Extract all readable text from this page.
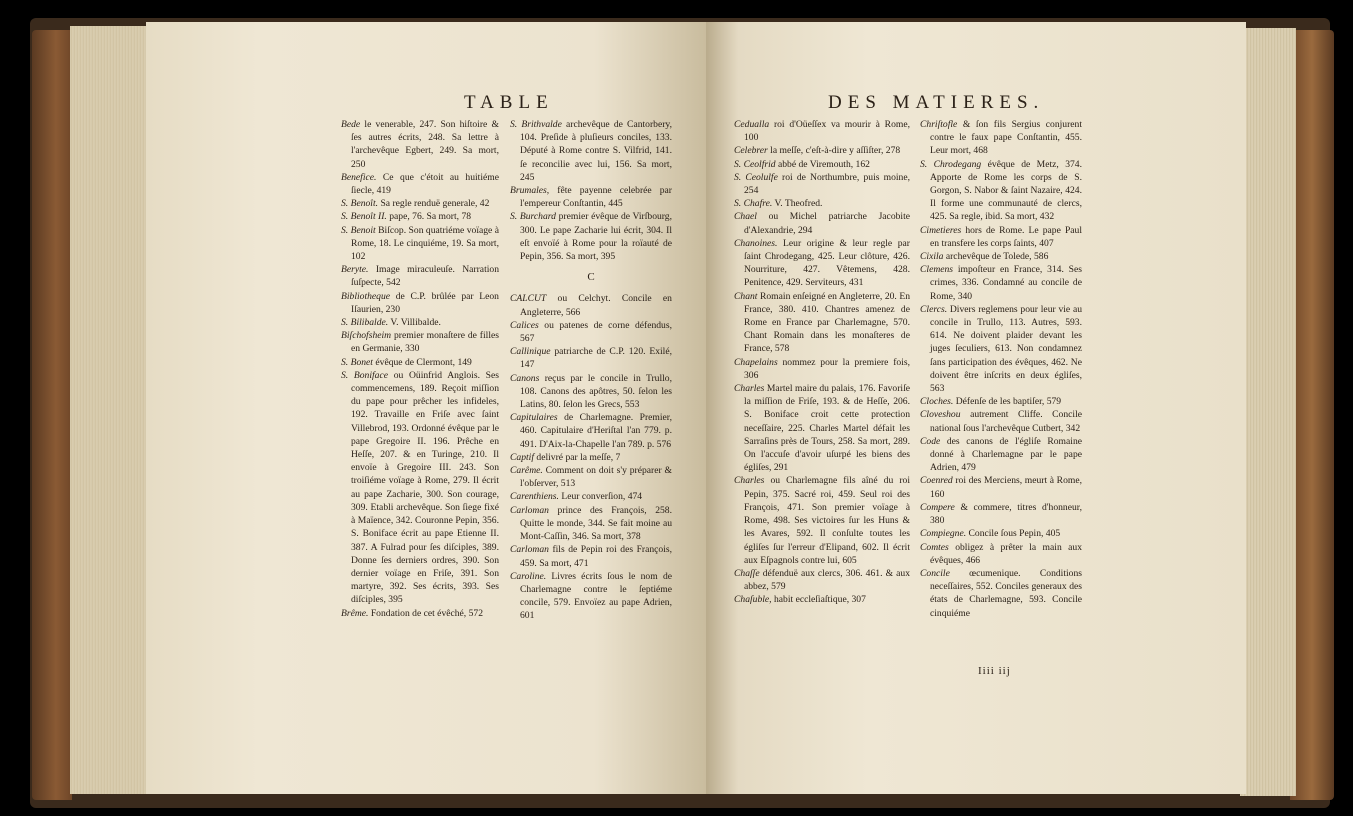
TABLE

Bede le venerable, 247. Son hiſtoire & ſes autres écrits, 248. Sa lettre à l'archevêque Egbert, 249. Sa mort, 250

Benefice. Ce que c'étoit au huitiéme ſiecle, 419

S. Benoît. Sa regle renduë generale, 42

S. Benoît II. pape, 76. Sa mort, 78

S. Benoit Biſcop. Son quatriéme voïage à Rome, 18. Le cinquiéme, 19. Sa mort, 102

Beryte. Image miraculeuſe. Narration ſuſpecte, 542

Bibliotheque de C.P. brûlée par Leon Iſaurien, 230

S. Bilibalde. V. Villibalde.

Biſchofsheim premier monaſtere de filles en Germanie, 330

S. Bonet évêque de Clermont, 149

S. Boniface ou Oüinfrid Anglois. Ses commencemens, 189. Reçoit miſſion du pape pour prêcher les infideles, 192. Travaille en Friſe avec ſaint Villebrod, 193. Ordonné évêque par le pape Gregoire II. 196. Prêche en Heſſe, 207. & en Turinge, 210. Il envoïe à Gregoire III. 243. Son troiſiéme voïage à Rome, 279. Il écrit au pape Zacharie, 300. Son courage, 309. Etabli archevêque. Son ſiege fixé à Maïence, 342. Couronne Pepin, 356. S. Boniface écrit au pape Etienne II. 387. A Fulrad pour ſes diſciples, 389. Donne ſes derniers ordres, 390. Son dernier voïage en Friſe, 391. Son martyre, 392. Ses écrits, 393. Ses diſciples, 395

Brême. Fondation de cet évêché, 572

S. Brithvalde archevêque de Cantorbery, 104. Preſide à pluſieurs conciles, 133. Député à Rome contre S. Vilfrid, 141. ſe reconcilie avec lui, 156. Sa mort, 245

Brumales, fête payenne celebrée par l'empereur Conſtantin, 445

S. Burchard premier évêque de Virſbourg, 300. Le pape Zacharie lui écrit, 304. Il eſt envoïé à Rome pour la roïauté de Pepin, 356. Sa mort, 395

C

CALCUT ou Celchyt. Concile en Angleterre, 566

Calices ou patenes de corne défendus, 567

Callinique patriarche de C.P. 120. Exilé, 147

Canons reçus par le concile in Trullo, 108. Canons des apôtres, 50. ſelon les Latins, 80. ſelon les Grecs, 553

Capitulaires de Charlemagne. Premier, 460. Capitulaire d'Heriſtal l'an 779. p. 491. D'Aix-la-Chapelle l'an 789. p. 576

Captif delivré par la meſſe, 7

Carême. Comment on doit s'y préparer & l'obſerver, 513

Carenthiens. Leur converſion, 474

Carloman prince des François, 258. Quitte le monde, 344. Se fait moine au Mont-Caſſin, 346. Sa mort, 378

Carloman fils de Pepin roi des François, 459. Sa mort, 471

Caroline. Livres écrits ſous le nom de Charlemagne contre le ſeptiéme concile, 579. Envoïez au pape Adrien, 601

DES MATIERES.

Cedualla roi d'Oüeſſex va mourir à Rome, 100

Celebrer la meſſe, c'eſt-à-dire y aſſiſter, 278

S. Ceolfrid abbé de Viremouth, 162

S. Ceolulfe roi de Northumbre, puis moine, 254

S. Chafre. V. Theofred.

Chael ou Michel patriarche Jacobite d'Alexandrie, 294

Chanoines. Leur origine & leur regle par ſaint Chrodegang, 425. Leur clôture, 426. Nourriture, 427. Vêtemens, 428. Penitence, 429. Serviteurs, 431

Chant Romain enſeigné en Angleterre, 20. En France, 380. 410. Chantres amenez de Rome en France par Charlemagne, 570. Chant Romain dans les monaſteres de France, 578

Chapelains nommez pour la premiere fois, 306

Charles Martel maire du palais, 176. Favoriſe la miſſion de Friſe, 193. & de Heſſe, 206. S. Boniface croit cette protection neceſſaire, 225. Charles Martel défait les Sarraſins près de Tours, 258. Sa mort, 289. On l'accuſe d'avoir uſurpé les biens des égliſes, 291

Charles ou Charlemagne fils aîné du roi Pepin, 375. Sacré roi, 459. Seul roi des François, 471. Son premier voïage à Rome, 498. Ses victoires ſur les Huns & les Avares, 592. Il conſulte toutes les égliſes ſur l'erreur d'Elipand, 602. Il écrit aux Eſpagnols contre lui, 605

Chaſſe défenduë aux clercs, 306. 461. & aux abbez, 579

Chaſuble, habit eccleſiaſtique, 307

Chriſtofle & ſon fils Sergius conjurent contre le faux pape Conſtantin, 455. Leur mort, 468

S. Chrodegang évêque de Metz, 374. Apporte de Rome les corps de S. Gorgon, S. Nabor & ſaint Nazaire, 424. Il forme une communauté de clercs, 425. Sa regle, ibid. Sa mort, 432

Cimetieres hors de Rome. Le pape Paul en transfere les corps ſaints, 407

Cixila archevêque de Tolede, 586

Clemens impoſteur en France, 314. Ses crimes, 336. Condamné au concile de Rome, 340

Clercs. Divers reglemens pour leur vie au concile in Trullo, 113. Autres, 593. 614. Ne doivent plaider devant les juges ſeculiers, 613. Non condamnez ſans participation des évêques, 462. Ne doivent être inſcrits en deux égliſes, 563

Cloches. Défenſe de les baptiſer, 579

Cloveshou autrement Cliffe. Concile national ſous l'archevêque Cutbert, 342

Code des canons de l'égliſe Romaine donné à Charlemagne par le pape Adrien, 479

Coenred roi des Merciens, meurt à Rome, 160

Compere & commere, titres d'honneur, 380

Compiegne. Concile ſous Pepin, 405

Comtes obligez à prêter la main aux évêques, 466

Concile œcumenique. Conditions neceſſaires, 552. Conciles generaux des états de Charlemagne, 593. Concile cinquiéme

Iiii iij
